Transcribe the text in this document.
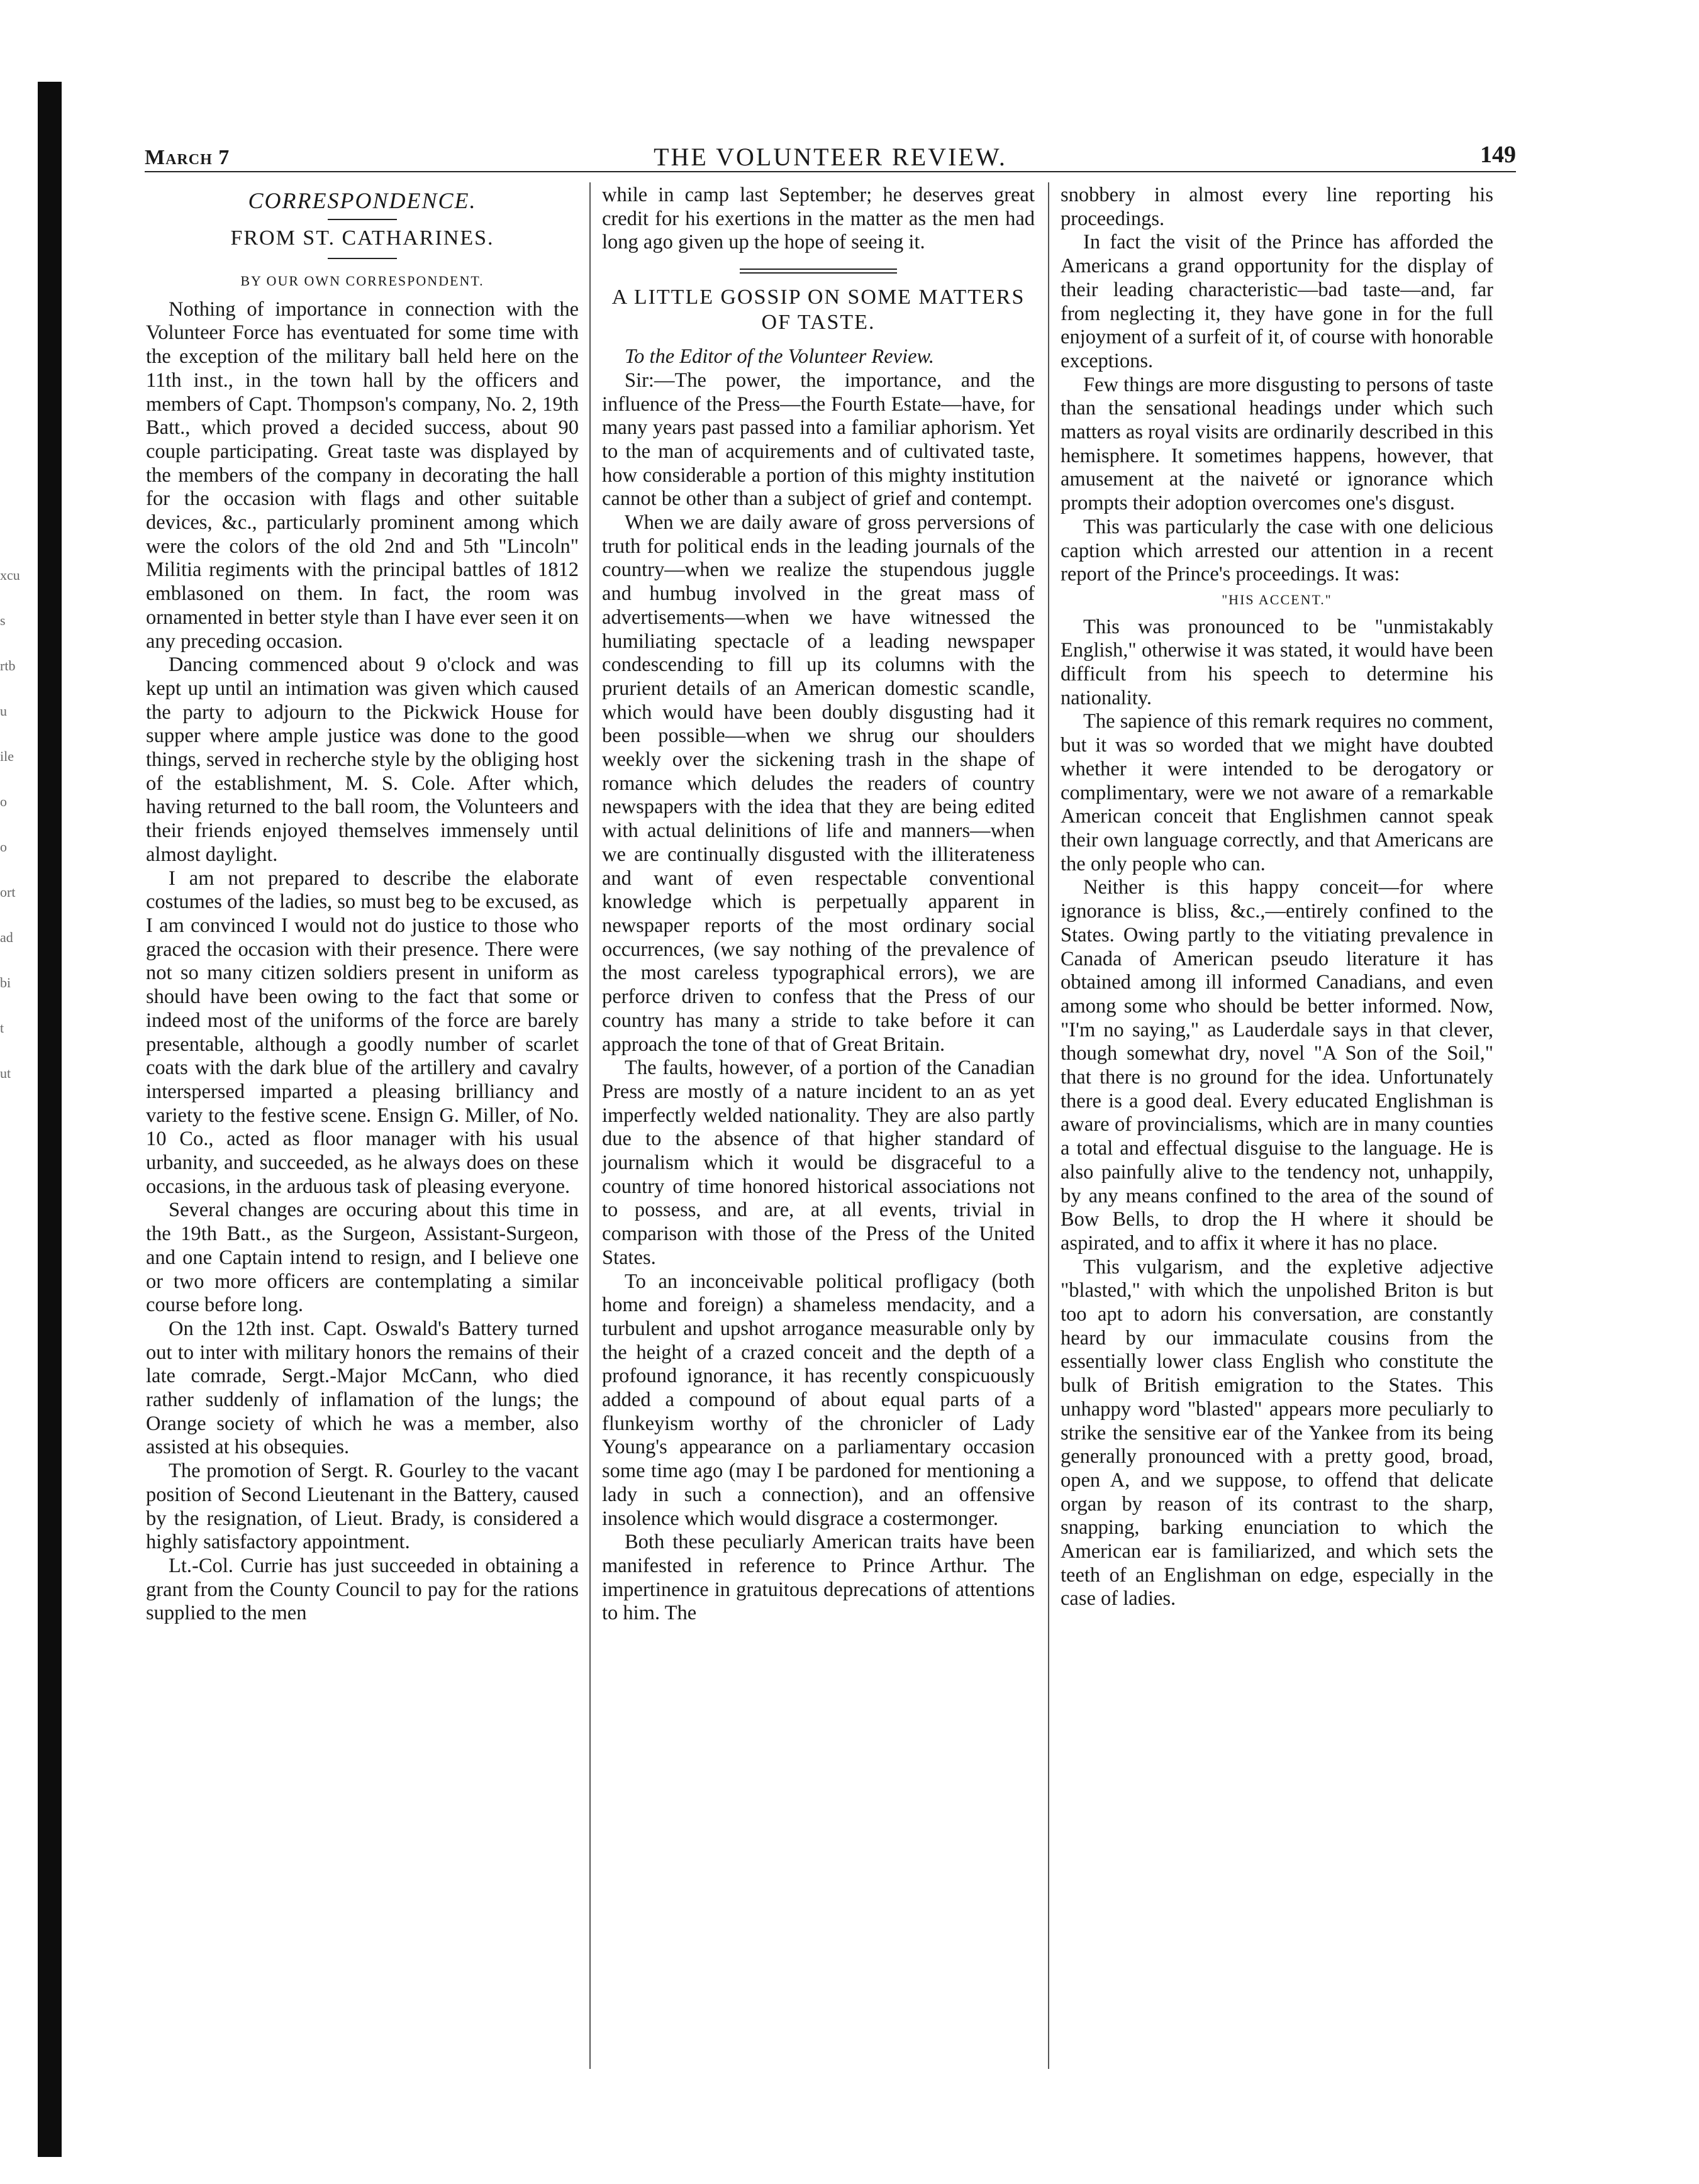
xcu
s
rtb
u
ile
o
o
ort
ad
bi
t
ut
March 7	THE VOLUNTEER REVIEW.	149
CORRESPONDENCE.
FROM ST. CATHARINES.
BY OUR OWN CORRESPONDENT.

Nothing of importance in connection with the Volunteer Force has eventuated for some time with the exception of the military ball held here on the 11th inst., in the town hall by the officers and members of Capt. Thompson's company, No. 2, 19th Batt., which proved a decided success, about 90 couple participating. Great taste was displayed by the members of the company in decorating the hall for the occasion with flags and other suitable devices, &c., particularly prominent among which were the colors of the old 2nd and 5th "Lincoln" Militia regiments with the principal battles of 1812 emblasoned on them. In fact, the room was ornamented in better style than I have ever seen it on any preceding occasion.

Dancing commenced about 9 o'clock and was kept up until an intimation was given which caused the party to adjourn to the Pickwick House for supper where ample justice was done to the good things, served in recherche style by the obliging host of the establishment, M. S. Cole. After which, having returned to the ball room, the Volunteers and their friends enjoyed themselves immensely until almost daylight.

I am not prepared to describe the elaborate costumes of the ladies, so must beg to be excused, as I am convinced I would not do justice to those who graced the occasion with their presence. There were not so many citizen soldiers present in uniform as should have been owing to the fact that some or indeed most of the uniforms of the force are barely presentable, although a goodly number of scarlet coats with the dark blue of the artillery and cavalry interspersed imparted a pleasing brilliancy and variety to the festive scene. Ensign G. Miller, of No. 10 Co., acted as floor manager with his usual urbanity, and succeeded, as he always does on these occasions, in the arduous task of pleasing everyone.

Several changes are occuring about this time in the 19th Batt., as the Surgeon, Assistant-Surgeon, and one Captain intend to resign, and I believe one or two more officers are contemplating a similar course before long.

On the 12th inst. Capt. Oswald's Battery turned out to inter with military honors the remains of their late comrade, Sergt.-Major McCann, who died rather suddenly of inflamation of the lungs; the Orange society of which he was a member, also assisted at his obsequies.

The promotion of Sergt. R. Gourley to the vacant position of Second Lieutenant in the Battery, caused by the resignation, of Lieut. Brady, is considered a highly satisfactory appointment.

Lt.-Col. Currie has just succeeded in obtaining a grant from the County Council to pay for the rations supplied to the men

while in camp last September; he deserves great credit for his exertions in the matter as the men had long ago given up the hope of seeing it.

A LITTLE GOSSIP ON SOME MATTERS OF TASTE.

To the Editor of the Volunteer Review.

Sir:—The power, the importance, and the influence of the Press—the Fourth Estate—have, for many years past passed into a familiar aphorism. Yet to the man of acquirements and of cultivated taste, how considerable a portion of this mighty institution cannot be other than a subject of grief and contempt.

When we are daily aware of gross perversions of truth for political ends in the leading journals of the country—when we realize the stupendous juggle and humbug involved in the great mass of advertisements—when we have witnessed the humiliating spectacle of a leading newspaper condescending to fill up its columns with the prurient details of an American domestic scandle, which would have been doubly disgusting had it been possible—when we shrug our shoulders weekly over the sickening trash in the shape of romance which deludes the readers of country newspapers with the idea that they are being edited with actual delinitions of life and manners—when we are continually disgusted with the illiterateness and want of even respectable conventional knowledge which is perpetually apparent in newspaper reports of the most ordinary social occurrences, (we say nothing of the prevalence of the most careless typographical errors), we are perforce driven to confess that the Press of our country has many a stride to take before it can approach the tone of that of Great Britain.

The faults, however, of a portion of the Canadian Press are mostly of a nature incident to an as yet imperfectly welded nationality. They are also partly due to the absence of that higher standard of journalism which it would be disgraceful to a country of time honored historical associations not to possess, and are, at all events, trivial in comparison with those of the Press of the United States.

To an inconceivable political profligacy (both home and foreign) a shameless mendacity, and a turbulent and upshot arrogance measurable only by the height of a crazed conceit and the depth of a profound ignorance, it has recently conspicuously added a compound of about equal parts of a flunkeyism worthy of the chronicler of Lady Young's appearance on a parliamentary occasion some time ago (may I be pardoned for mentioning a lady in such a connection), and an offensive insolence which would disgrace a costermonger.

Both these peculiarly American traits have been manifested in reference to Prince Arthur. The impertinence in gratuitous deprecations of attentions to him. The

snobbery in almost every line reporting his proceedings.

In fact the visit of the Prince has afforded the Americans a grand opportunity for the display of their leading characteristic—bad taste—and, far from neglecting it, they have gone in for the full enjoyment of a surfeit of it, of course with honorable exceptions.

Few things are more disgusting to persons of taste than the sensational headings under which such matters as royal visits are ordinarily described in this hemisphere. It sometimes happens, however, that amusement at the naiveté or ignorance which prompts their adoption overcomes one's disgust.

This was particularly the case with one delicious caption which arrested our attention in a recent report of the Prince's proceedings. It was:

"HIS ACCENT."

This was pronounced to be "unmistakably English," otherwise it was stated, it would have been difficult from his speech to determine his nationality.

The sapience of this remark requires no comment, but it was so worded that we might have doubted whether it were intended to be derogatory or complimentary, were we not aware of a remarkable American conceit that Englishmen cannot speak their own language correctly, and that Americans are the only people who can.

Neither is this happy conceit—for where ignorance is bliss, &c.,—entirely confined to the States. Owing partly to the vitiating prevalence in Canada of American pseudo literature it has obtained among ill informed Canadians, and even among some who should be better informed. Now, "I'm no saying," as Lauderdale says in that clever, though somewhat dry, novel "A Son of the Soil," that there is no ground for the idea. Unfortunately there is a good deal. Every educated Englishman is aware of provincialisms, which are in many counties a total and effectual disguise to the language. He is also painfully alive to the tendency not, unhappily, by any means confined to the area of the sound of Bow Bells, to drop the H where it should be aspirated, and to affix it where it has no place.

This vulgarism, and the expletive adjective "blasted," with which the unpolished Briton is but too apt to adorn his conversation, are constantly heard by our immaculate cousins from the essentially lower class English who constitute the bulk of British emigration to the States. This unhappy word "blasted" appears more peculiarly to strike the sensitive ear of the Yankee from its being generally pronounced with a pretty good, broad, open A, and we suppose, to offend that delicate organ by reason of its contrast to the sharp, snapping, barking enunciation to which the American ear is familiarized, and which sets the teeth of an Englishman on edge, especially in the case of ladies.
